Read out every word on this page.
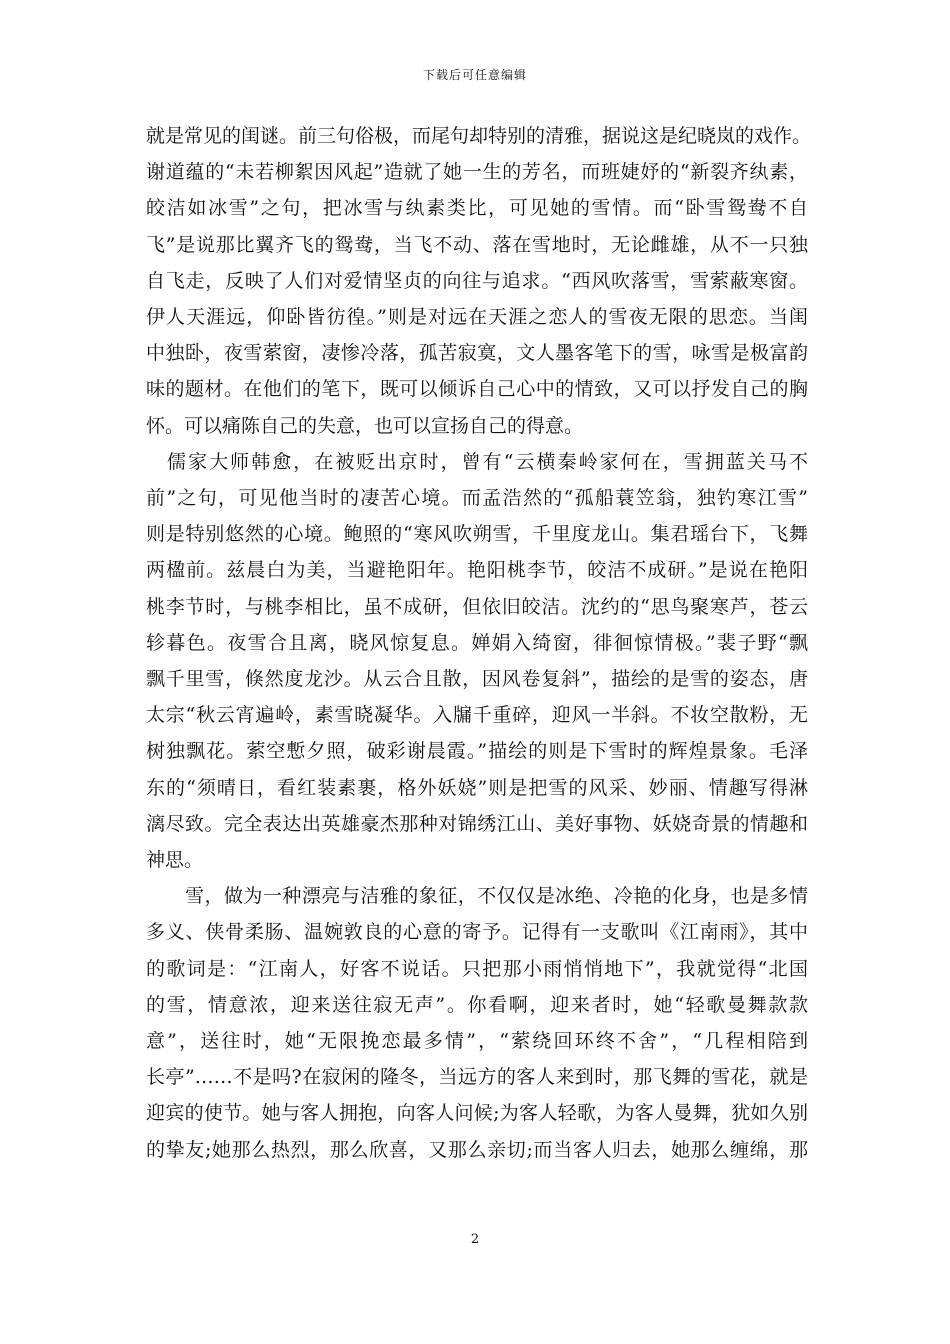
下载后可任意编辑
就是常见的闺谜。前三句俗极，而尾句却特别的清雅，据说这是纪晓岚的戏作。
谢道蕴的“未若柳絮因风起”造就了她一生的芳名，而班婕妤的“新裂齐纨素，
皎洁如冰雪”之句，把冰雪与纨素类比，可见她的雪情。而“卧雪鸳鸯不自
飞”是说那比翼齐飞的鸳鸯，当飞不动、落在雪地时，无论雌雄，从不一只独
自飞走，反映了人们对爱情坚贞的向往与追求。“西风吹落雪，雪萦蔽寒窗。
伊人天涯远，仰卧皆彷徨。”则是对远在天涯之恋人的雪夜无限的思恋。当闺
中独卧，夜雪萦窗，凄惨冷落，孤苦寂寞，文人墨客笔下的雪，咏雪是极富韵
味的题材。在他们的笔下，既可以倾诉自己心中的情致，又可以抒发自己的胸
怀。可以痛陈自己的失意，也可以宣扬自己的得意。
　儒家大师韩愈，在被贬出京时，曾有“云横秦岭家何在，雪拥蓝关马不
前”之句，可见他当时的凄苦心境。而孟浩然的“孤船蓑笠翁，独钓寒江雪”
则是特别悠然的心境。鲍照的“寒风吹朔雪，千里度龙山。集君瑶台下，飞舞
两楹前。兹晨白为美，当避艳阳年。艳阳桃李节，皎洁不成研。”是说在艳阳
桃李节时，与桃李相比，虽不成研，但依旧皎洁。沈约的“思鸟聚寒芦，苍云
轸暮色。夜雪合且离，晓风惊复息。婵娟入绮窗，徘徊惊情极。”裴子野“飘
飘千里雪，倏然度龙沙。从云合且散，因风卷复斜”，描绘的是雪的姿态，唐
太宗“秋云宵遍岭，素雪晓凝华。入牖千重碎，迎风一半斜。不妆空散粉，无
树独飘花。萦空慙夕照，破彩谢晨霞。”描绘的则是下雪时的辉煌景象。毛泽
东的“须晴日，看红装素裹，格外妖娆”则是把雪的风采、妙丽、情趣写得淋
漓尽致。完全表达出英雄豪杰那种对锦绣江山、美好事物、妖娆奇景的情趣和
神思。
　　雪，做为一种漂亮与洁雅的象征，不仅仅是冰绝、冷艳的化身，也是多情
多义、侠骨柔肠、温婉敦良的心意的寄予。记得有一支歌叫《江南雨》，其中
的歌词是：“江南人，好客不说话。只把那小雨悄悄地下”，我就觉得“北国
的雪，情意浓，迎来送往寂无声”。你看啊，迎来者时，她“轻歌曼舞款款
意”，送往时，她“无限挽恋最多情”，“萦绕回环终不舍”，“几程相陪到
长亭”……不是吗?在寂闲的隆冬，当远方的客人来到时，那飞舞的雪花，就是
迎宾的使节。她与客人拥抱，向客人问候;为客人轻歌，为客人曼舞，犹如久别
的挚友;她那么热烈，那么欣喜，又那么亲切;而当客人归去，她那么缠绵，那
2
